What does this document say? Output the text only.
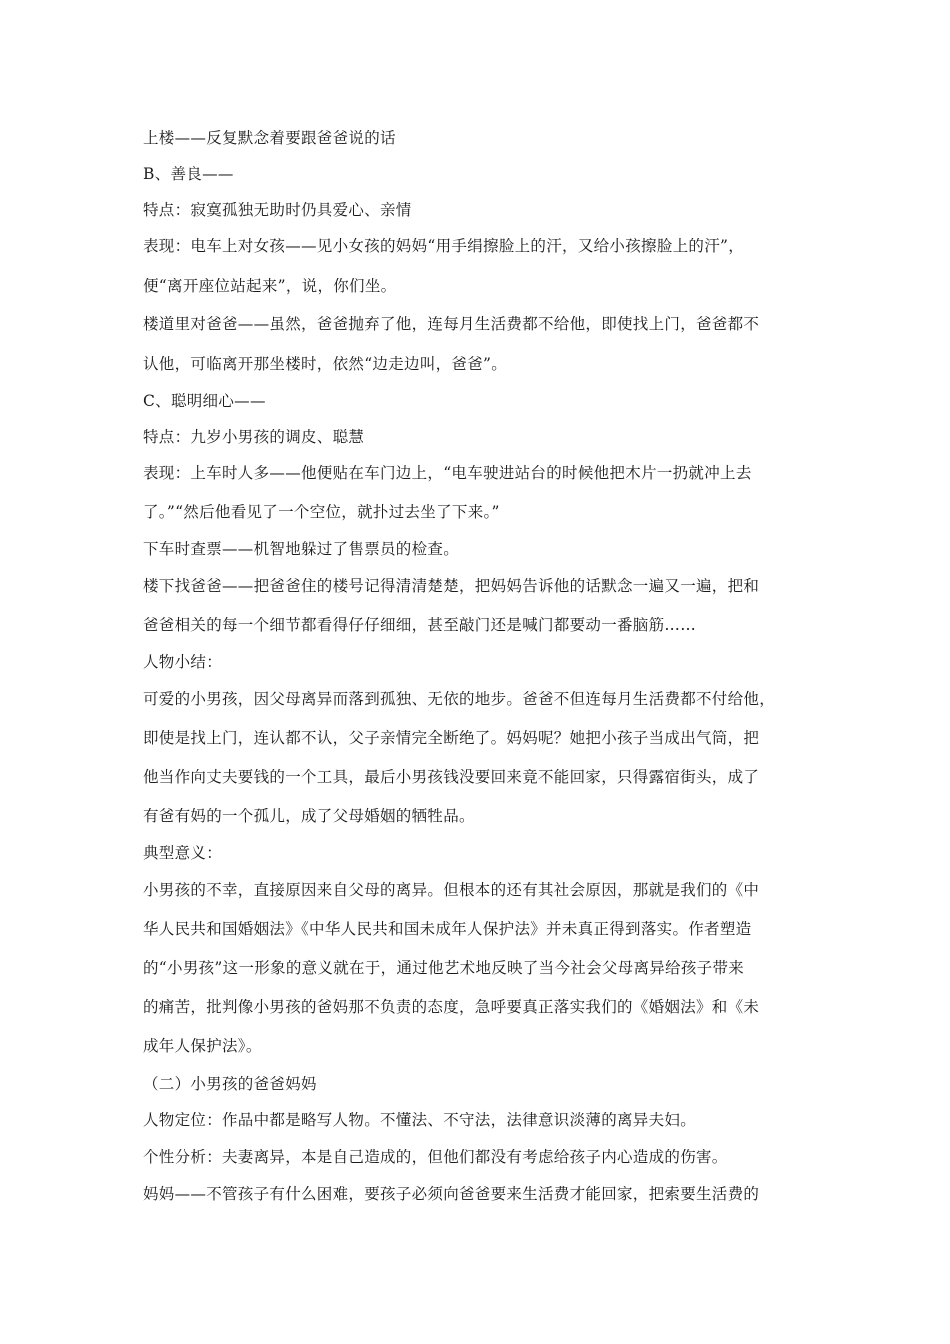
上楼——反复默念着要跟爸爸说的话
B、善良——
特点：寂寞孤独无助时仍具爱心、亲情
表现：电车上对女孩——见小女孩的妈妈“用手绢擦脸上的汗，又给小孩擦脸上的汗”，
便“离开座位站起来”，说，你们坐。
楼道里对爸爸——虽然，爸爸抛弃了他，连每月生活费都不给他，即使找上门，爸爸都不
认他，可临离开那坐楼时，依然“边走边叫，爸爸”。
C、聪明细心——
特点：九岁小男孩的调皮、聪慧
表现：上车时人多——他便贴在车门边上，“电车驶进站台的时候他把木片一扔就冲上去
了。”“然后他看见了一个空位，就扑过去坐了下来。”
下车时查票——机智地躲过了售票员的检查。
楼下找爸爸——把爸爸住的楼号记得清清楚楚，把妈妈告诉他的话默念一遍又一遍，把和
爸爸相关的每一个细节都看得仔仔细细，甚至敲门还是喊门都要动一番脑筋……
人物小结：
可爱的小男孩，因父母离异而落到孤独、无依的地步。爸爸不但连每月生活费都不付给他，
即使是找上门，连认都不认，父子亲情完全断绝了。妈妈呢？她把小孩子当成出气筒，把
他当作向丈夫要钱的一个工具，最后小男孩钱没要回来竟不能回家，只得露宿街头，成了
有爸有妈的一个孤儿，成了父母婚姻的牺牲品。
典型意义：
小男孩的不幸，直接原因来自父母的离异。但根本的还有其社会原因，那就是我们的《中
华人民共和国婚姻法》《中华人民共和国未成年人保护法》并未真正得到落实。作者塑造
的“小男孩”这一形象的意义就在于，通过他艺术地反映了当今社会父母离异给孩子带来
的痛苦，批判像小男孩的爸妈那不负责的态度，急呼要真正落实我们的《婚姻法》和《未
成年人保护法》。
（二）小男孩的爸爸妈妈
人物定位：作品中都是略写人物。不懂法、不守法，法律意识淡薄的离异夫妇。
个性分析：夫妻离异，本是自己造成的，但他们都没有考虑给孩子内心造成的伤害。
妈妈——不管孩子有什么困难，要孩子必须向爸爸要来生活费才能回家，把索要生活费的
